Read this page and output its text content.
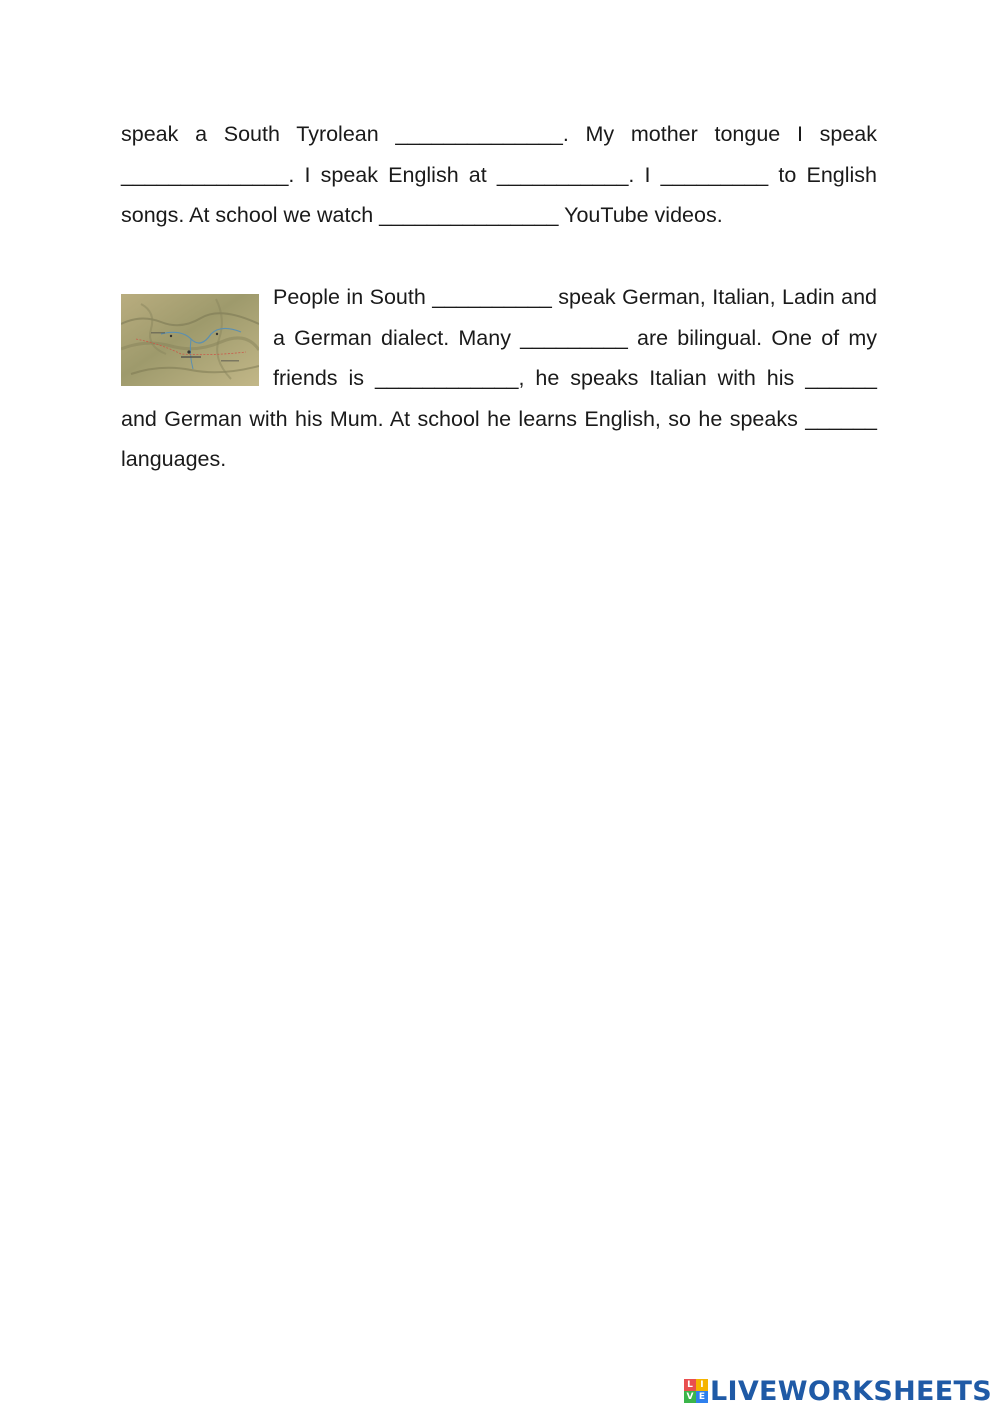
speak a South Tyrolean ______________. My mother tongue I speak ______________. I speak English at ___________. I _________ to English songs. At school we watch _______________ YouTube videos.

People in South __________ speak German, Italian, Ladin and a German dialect. Many _________ are bilingual. One of my friends is ____________, he speaks Italian with his ______ and German with his Mum. At school he learns English, so he speaks ______ languages.
L I
V E LIVEWORKSHEETS
